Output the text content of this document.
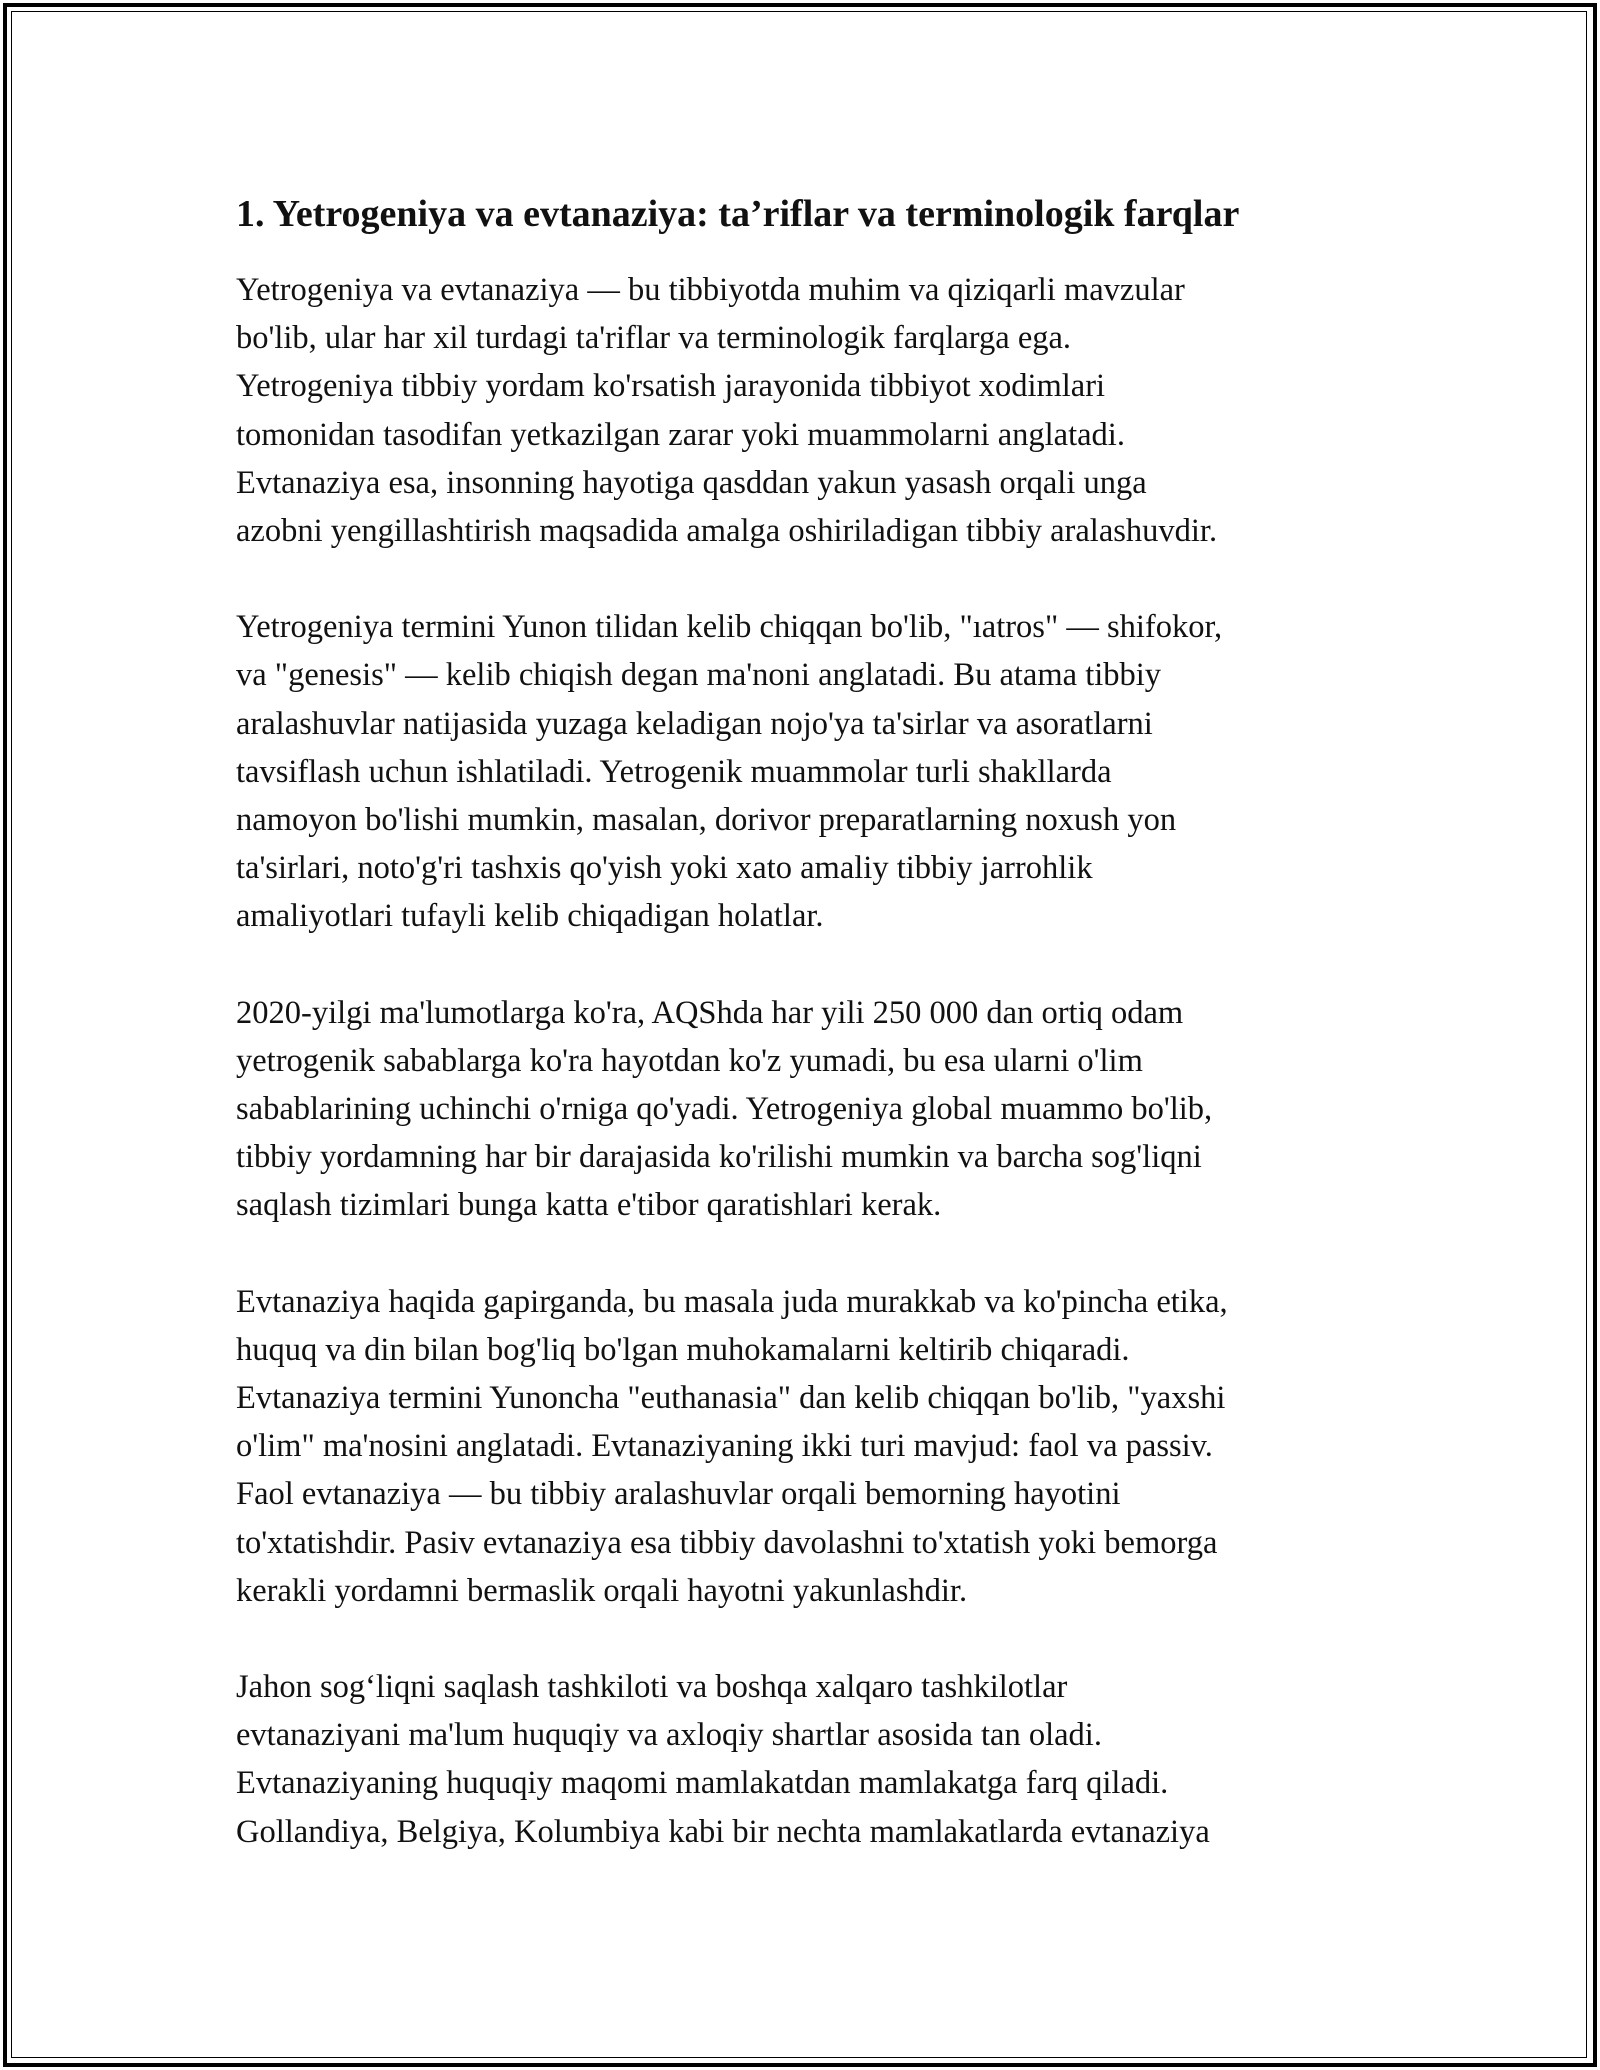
1. Yetrogeniya va evtanaziya: ta’riflar va terminologik farqlar

Yetrogeniya va evtanaziya — bu tibbiyotda muhim va qiziqarli mavzular
bo'lib, ular har xil turdagi ta'riflar va terminologik farqlarga ega.
Yetrogeniya tibbiy yordam ko'rsatish jarayonida tibbiyot xodimlari
tomonidan tasodifan yetkazilgan zarar yoki muammolarni anglatadi.
Evtanaziya esa, insonning hayotiga qasddan yakun yasash orqali unga
azobni yengillashtirish maqsadida amalga oshiriladigan tibbiy aralashuvdir.

Yetrogeniya termini Yunon tilidan kelib chiqqan bo'lib, "ıatros" — shifokor,
va "genesis" — kelib chiqish degan ma'noni anglatadi. Bu atama tibbiy
aralashuvlar natijasida yuzaga keladigan nojo'ya ta'sirlar va asoratlarni
tavsiflash uchun ishlatiladi. Yetrogenik muammolar turli shakllarda
namoyon bo'lishi mumkin, masalan, dorivor preparatlarning noxush yon
ta'sirlari, noto'g'ri tashxis qo'yish yoki xato amaliy tibbiy jarrohlik
amaliyotlari tufayli kelib chiqadigan holatlar.

2020-yilgi ma'lumotlarga ko'ra, AQShda har yili 250 000 dan ortiq odam
yetrogenik sabablarga ko'ra hayotdan ko'z yumadi, bu esa ularni o'lim
sabablarining uchinchi o'rniga qo'yadi. Yetrogeniya global muammo bo'lib,
tibbiy yordamning har bir darajasida ko'rilishi mumkin va barcha sog'liqni
saqlash tizimlari bunga katta e'tibor qaratishlari kerak.

Evtanaziya haqida gapirganda, bu masala juda murakkab va ko'pincha etika,
huquq va din bilan bog'liq bo'lgan muhokamalarni keltirib chiqaradi.
Evtanaziya termini Yunoncha "euthanasia" dan kelib chiqqan bo'lib, "yaxshi
o'lim" ma'nosini anglatadi. Evtanaziyaning ikki turi mavjud: faol va passiv.
Faol evtanaziya — bu tibbiy aralashuvlar orqali bemorning hayotini
to'xtatishdir. Pasiv evtanaziya esa tibbiy davolashni to'xtatish yoki bemorga
kerakli yordamni bermaslik orqali hayotni yakunlashdir.

Jahon sog‘liqni saqlash tashkiloti va boshqa xalqaro tashkilotlar
evtanaziyani ma'lum huquqiy va axloqiy shartlar asosida tan oladi.
Evtanaziyaning huquqiy maqomi mamlakatdan mamlakatga farq qiladi.
Gollandiya, Belgiya, Kolumbiya kabi bir nechta mamlakatlarda evtanaziya
